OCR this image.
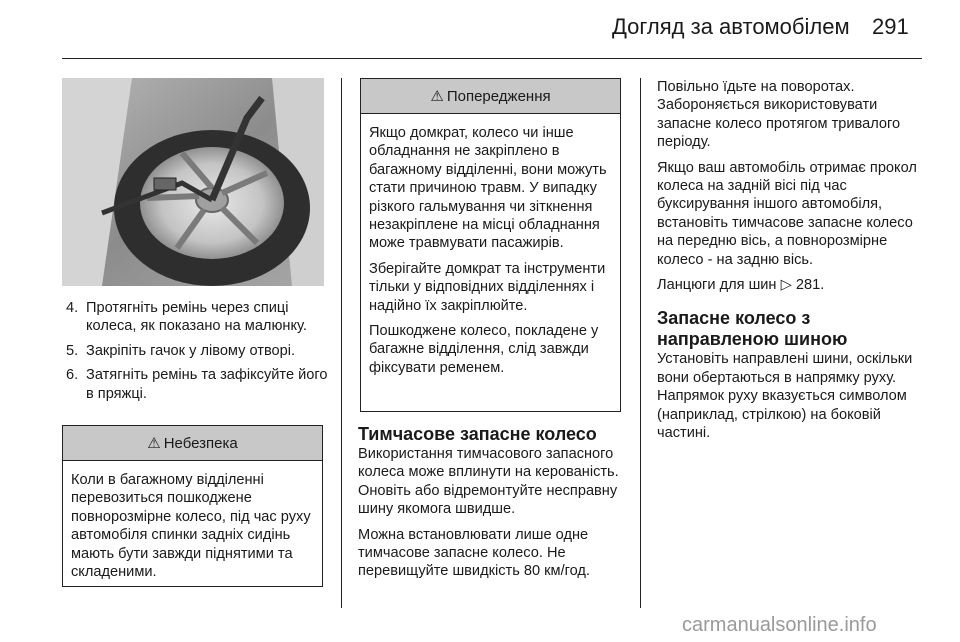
Догляд за автомобілем 291
4. Протягніть ремінь через спиці колеса, як показано на малюнку.
5. Закріпіть гачок у лівому отворі.
6. Затягніть ремінь та зафіксуйте його в пряжці.
⚠ Небезпека

Коли в багажному відділенні перевозиться пошкоджене повнорозмірне колесо, під час руху автомобіля спинки задніх сидінь мають бути завжди піднятими та складеними.

⚠ Попередження

Якщо домкрат, колесо чи інше обладнання не закріплено в багажному відділенні, вони можуть стати причиною травм. У випадку різкого гальмування чи зіткнення незакріплене на місці обладнання може травмувати пасажирів.

Зберігайте домкрат та інструменти тільки у відповідних відділеннях і надійно їх закріплюйте.

Пошкоджене колесо, покладене у багажне відділення, слід завжди фіксувати ременем.

Тимчасове запасне колесо

Використання тимчасового запасного колеса може вплинути на керованість. Оновіть або відремонтуйте несправну шину якомога швидше.

Можна встановлювати лише одне тимчасове запасне колесо. Не перевищуйте швидкість 80 км/год.

Повільно їдьте на поворотах. Забороняється використовувати запасне колесо протягом тривалого періоду.

Якщо ваш автомобіль отримає прокол колеса на задній вісі під час буксирування іншого автомобіля, встановіть тимчасове запасне колесо на передню вісь, а повнорозмірне колесо - на задню вісь.

Ланцюги для шин ▷ 281.

Запасне колесо з направленою шиною

Установіть направлені шини, оскільки вони обертаються в напрямку руху. Напрямок руху вказується символом (наприклад, стрілкою) на боковій частині.

carmanualsonline.info
